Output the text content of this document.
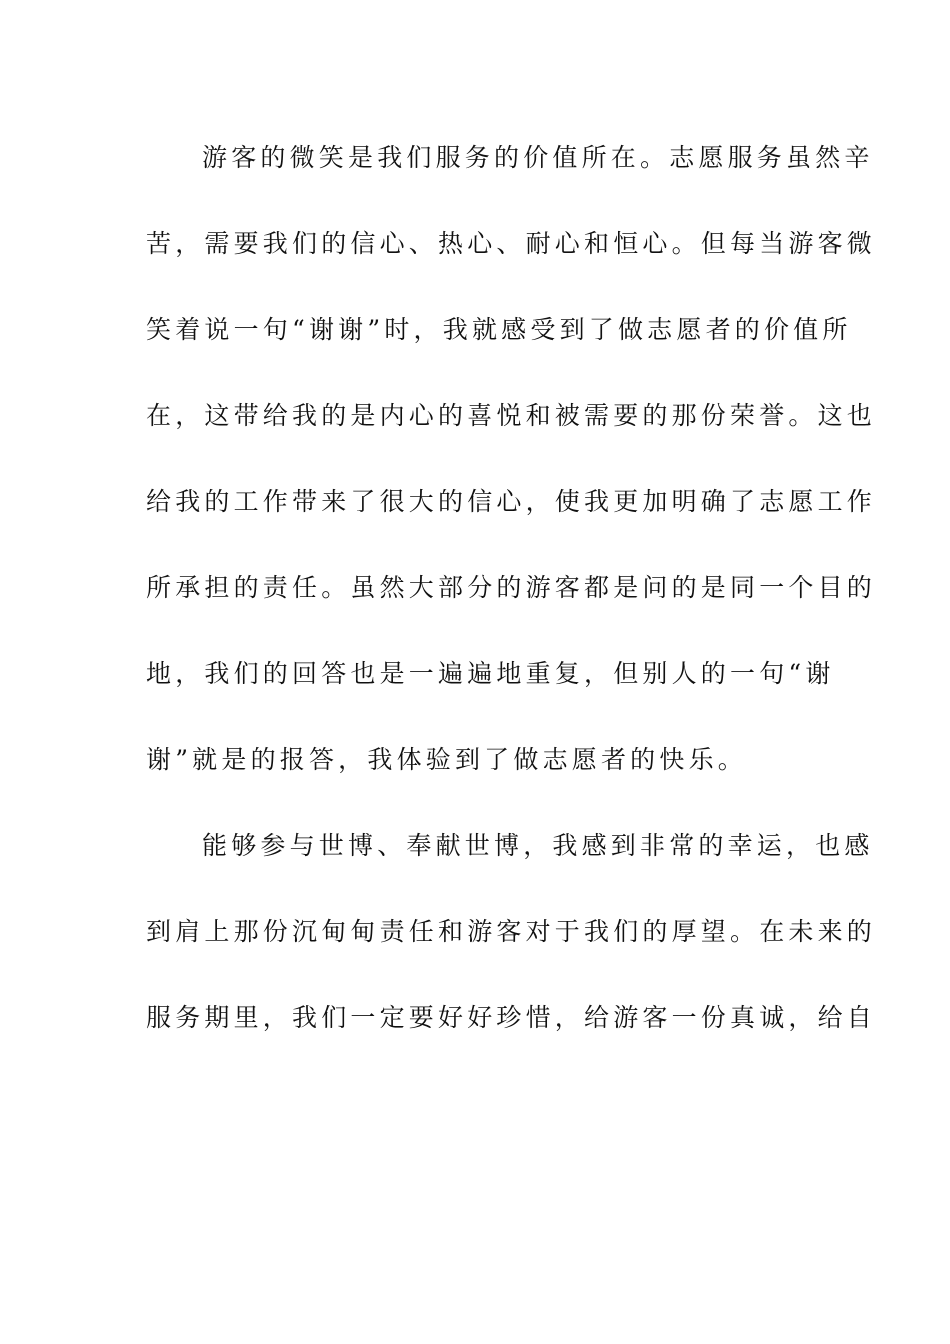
游客的微笑是我们服务的价值所在。志愿服务虽然辛
苦，需要我们的信心、热心、耐心和恒心。但每当游客微
笑着说一句“谢谢”时，我就感受到了做志愿者的价值所
在，这带给我的是内心的喜悦和被需要的那份荣誉。这也
给我的工作带来了很大的信心，使我更加明确了志愿工作
所承担的责任。虽然大部分的游客都是问的是同一个目的
地，我们的回答也是一遍遍地重复，但别人的一句“谢
谢”就是的报答，我体验到了做志愿者的快乐。
能够参与世博、奉献世博，我感到非常的幸运，也感
到肩上那份沉甸甸责任和游客对于我们的厚望。在未来的
服务期里，我们一定要好好珍惜，给游客一份真诚，给自
